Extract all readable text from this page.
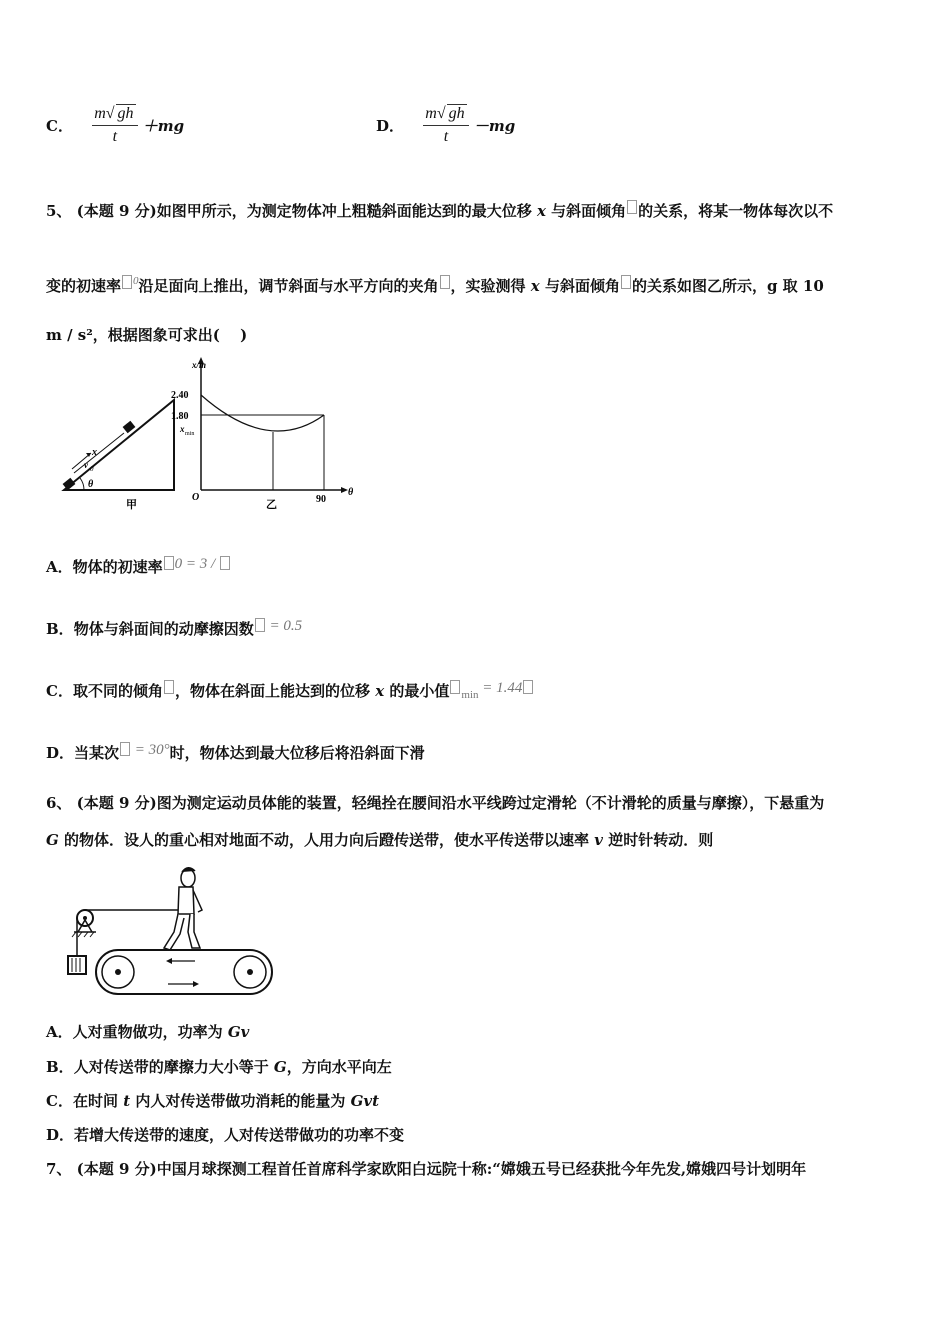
C． $\frac{m√ gh}{t} +mg$	D． $\frac{m√ gh}{t} -mg$
5、 (本题 9 分)如图甲所示，为测定物体冲上粗糙斜面能达到的最大位移 x 与斜面倾角 的关系，将某一物体每次以不
变的初速率 $^0$沿足面向上推出，调节斜面与水平方向的夹角 ，实验测得 x 与斜面倾角 的关系如图乙所示，g 取 10
m / s²，根据图象可求出(　 )
x
v 0
θ
甲
x/m
2.40
1.80
x min
O
乙	90
θ
A．物体的初速率 0 = 3 /
B．物体与斜面间的动摩擦因数 = 0.5
C．取不同的倾角 ，物体在斜面上能达到的位移 x 的最小值 min = 1.44
D．当某次 = 30°时，物体达到最大位移后将沿斜面下滑
6、 (本题 9 分)图为测定运动员体能的装置，轻绳拴在腰间沿水平线跨过定滑轮（不计滑轮的质量与摩擦），下悬重为
G 的物体．设人的重心相对地面不动，人用力向后蹬传送带，使水平传送带以速率 v 逆时针转动．则
A．人对重物做功，功率为 Gv
B．人对传送带的摩擦力大小等于 G，方向水平向左
C．在时间 t 内人对传送带做功消耗的能量为 Gvt
D．若增大传送带的速度，人对传送带做功的功率不变
7、 (本题 9 分)中国月球探测工程首任首席科学家欧阳白远院十称:“嫦娥五号已经获批今年先发,嫦娥四号计划明年
